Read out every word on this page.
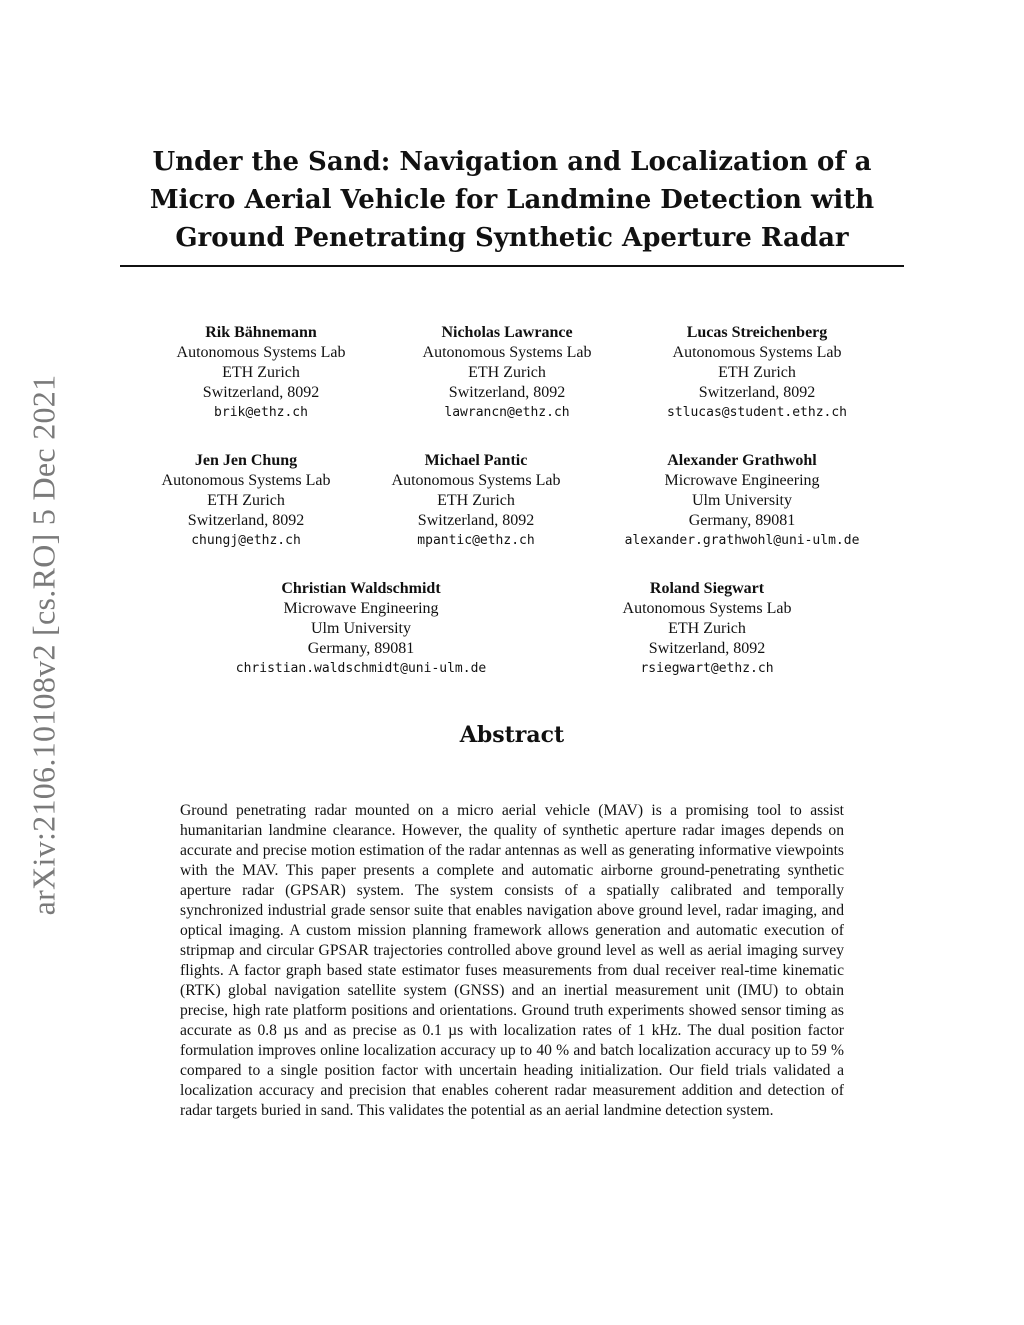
arXiv:2106.10108v2 [cs.RO] 5 Dec 2021
Under the Sand: Navigation and Localization of a
Micro Aerial Vehicle for Landmine Detection with
Ground Penetrating Synthetic Aperture Radar
Rik Bähnemann
Autonomous Systems Lab
ETH Zurich
Switzerland, 8092
brik@ethz.ch
Nicholas Lawrance
Autonomous Systems Lab
ETH Zurich
Switzerland, 8092
lawrancn@ethz.ch
Lucas Streichenberg
Autonomous Systems Lab
ETH Zurich
Switzerland, 8092
stlucas@student.ethz.ch
Jen Jen Chung
Autonomous Systems Lab
ETH Zurich
Switzerland, 8092
chungj@ethz.ch
Michael Pantic
Autonomous Systems Lab
ETH Zurich
Switzerland, 8092
mpantic@ethz.ch
Alexander Grathwohl
Microwave Engineering
Ulm University
Germany, 89081
alexander.grathwohl@uni-ulm.de
Christian Waldschmidt
Microwave Engineering
Ulm University
Germany, 89081
christian.waldschmidt@uni-ulm.de
Roland Siegwart
Autonomous Systems Lab
ETH Zurich
Switzerland, 8092
rsiegwart@ethz.ch
Abstract

Ground penetrating radar mounted on a micro aerial vehicle (MAV) is a promising tool to assist humanitarian landmine clearance. However, the quality of synthetic aperture radar images depends on accurate and precise motion estimation of the radar antennas as well as generating informative viewpoints with the MAV. This paper presents a complete and automatic airborne ground-penetrating synthetic aperture radar (GPSAR) system. The system consists of a spatially calibrated and temporally synchronized industrial grade sensor suite that enables navigation above ground level, radar imaging, and optical imaging. A custom mission planning framework allows generation and automatic execution of stripmap and circular GPSAR trajectories controlled above ground level as well as aerial imaging survey flights. A factor graph based state estimator fuses measurements from dual receiver real-time kinematic (RTK) global navigation satellite system (GNSS) and an inertial measurement unit (IMU) to obtain precise, high rate platform positions and orientations. Ground truth experiments showed sensor timing as accurate as 0.8 µs and as precise as 0.1 µs with localization rates of 1 kHz. The dual position factor formulation improves online localization accuracy up to 40 % and batch localization accuracy up to 59 % compared to a single position factor with uncertain heading initialization. Our field trials validated a localization accuracy and precision that enables coherent radar measurement addition and detection of radar targets buried in sand. This validates the potential as an aerial landmine detection system.
